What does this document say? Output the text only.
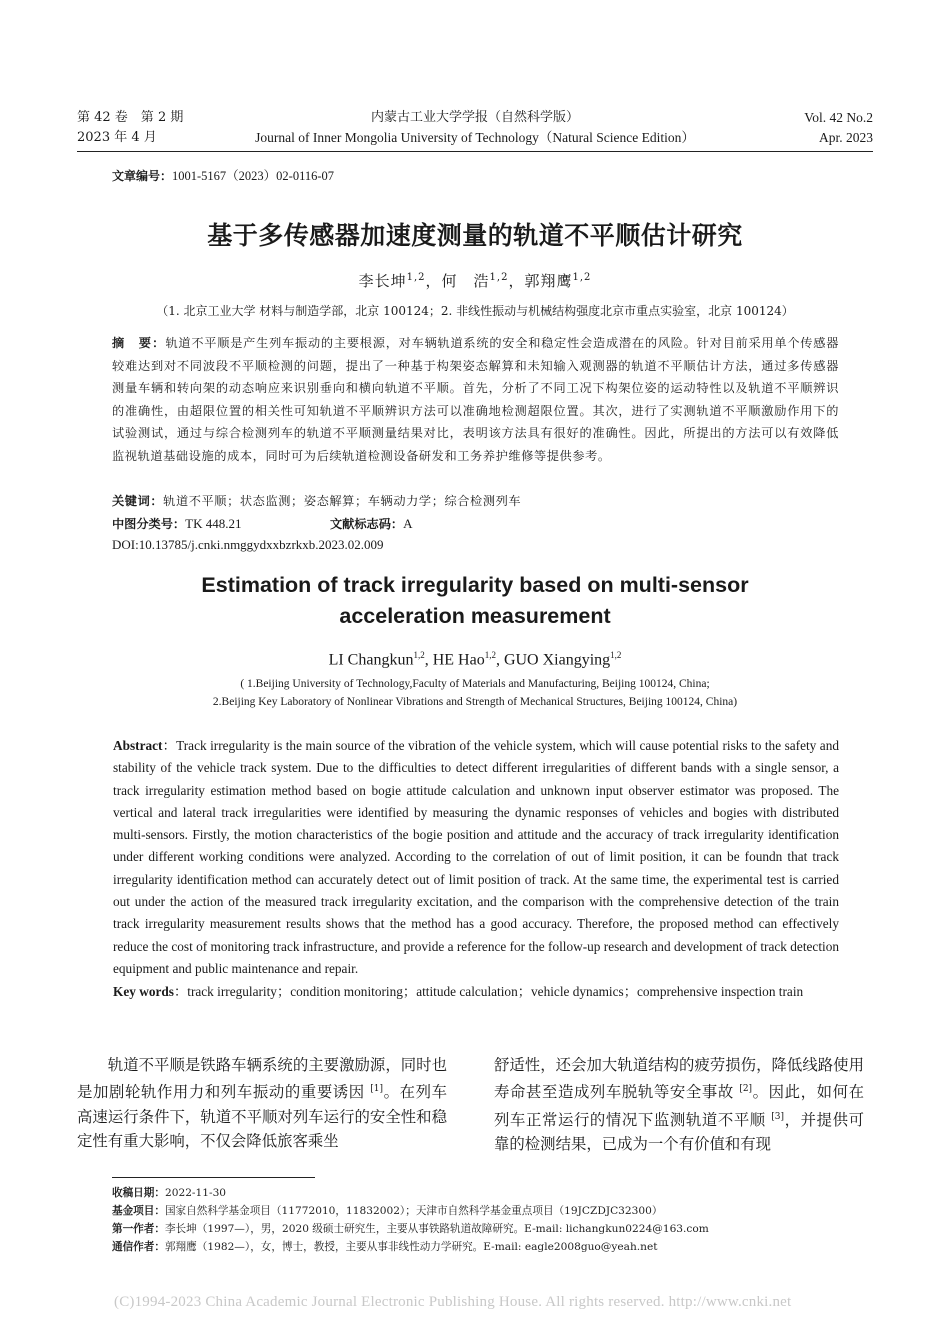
第 42 卷　第 2 期
2023 年 4 月
内蒙古工业大学学报（自然科学版）
Journal of Inner Mongolia University of Technology（Natural Science Edition）
Vol. 42 No.2
Apr. 2023
文章编号：1001-5167（2023）02-0116-07
基于多传感器加速度测量的轨道不平顺估计研究
李长坤$^{1,2}$，何　浩$^{1,2}$，郭翔鹰$^{1,2}$
（1. 北京工业大学 材料与制造学部，北京 100124；2. 非线性振动与机械结构强度北京市重点实验室，北京 100124）
摘　要：轨道不平顺是产生列车振动的主要根源，对车辆轨道系统的安全和稳定性会造成潜在的风险。针对目前采用单个传感器较难达到对不同波段不平顺检测的问题，提出了一种基于构架姿态解算和未知输入观测器的轨道不平顺估计方法，通过多传感器测量车辆和转向架的动态响应来识别垂向和横向轨道不平顺。首先，分析了不同工况下构架位姿的运动特性以及轨道不平顺辨识的准确性，由超限位置的相关性可知轨道不平顺辨识方法可以准确地检测超限位置。其次，进行了实测轨道不平顺激励作用下的试验测试，通过与综合检测列车的轨道不平顺测量结果对比，表明该方法具有很好的准确性。因此，所提出的方法可以有效降低监视轨道基础设施的成本，同时可为后续轨道检测设备研发和工务养护维修等提供参考。
关键词：轨道不平顺；状态监测；姿态解算；车辆动力学；综合检测列车
中图分类号：TK 448.21	文献标志码：A
DOI:10.13785/j.cnki.nmggydxxbzrkxb.2023.02.009
Estimation of track irregularity based on multi-sensor
acceleration measurement
LI Changkun$^{1,2}$, HE Hao$^{1,2}$, GUO Xiangying$^{1,2}$
( 1.Beijing University of Technology,Faculty of Materials and Manufacturing, Beijing 100124, China;
2.Beijing Key Laboratory of Nonlinear Vibrations and Strength of Mechanical Structures, Beijing 100124, China)
Abstract：Track irregularity is the main source of the vibration of the vehicle system, which will cause potential risks to the safety and stability of the vehicle track system. Due to the difficulties to detect different irregularities of different bands with a single sensor, a track irregularity estimation method based on bogie attitude calculation and unknown input observer estimator was proposed. The vertical and lateral track irregularities were identified by measuring the dynamic responses of vehicles and bogies with distributed multi-sensors. Firstly, the motion characteristics of the bogie position and attitude and the accuracy of track irregularity identification under different working conditions were analyzed. According to the correlation of out of limit position, it can be foundn that track irregularity identification method can accurately detect out of limit position of track. At the same time, the experimental test is carried out under the action of the measured track irregularity excitation, and the comparison with the comprehensive detection of the train track irregularity measurement results shows that the method has a good accuracy. Therefore, the proposed method can effectively reduce the cost of monitoring track infrastructure, and provide a reference for the follow-up research and development of track detection equipment and public maintenance and repair.
Key words：track irregularity；condition monitoring；attitude calculation；vehicle dynamics；comprehensive inspection train
轨道不平顺是铁路车辆系统的主要激励源，同时也是加剧轮轨作用力和列车振动的重要诱因 [1]。在列车高速运行条件下，轨道不平顺对列车运行的安全性和稳定性有重大影响，不仅会降低旅客乘坐
舒适性，还会加大轨道结构的疲劳损伤，降低线路使用寿命甚至造成列车脱轨等安全事故 [2]。因此，如何在列车正常运行的情况下监测轨道不平顺 [3]，并提供可靠的检测结果，已成为一个有价值和有现
收稿日期：2022-11-30
基金项目：国家自然科学基金项目（11772010，11832002）；天津市自然科学基金重点项目（19JCZDJC32300）
第一作者：李长坤（1997—），男，2020 级硕士研究生，主要从事铁路轨道故障研究。E-mail: lichangkun0224@163.com
通信作者：郭翔鹰（1982—），女，博士，教授，主要从事非线性动力学研究。E-mail: eagle2008guo@yeah.net
(C)1994-2023 China Academic Journal Electronic Publishing House. All rights reserved. http://www.cnki.net
